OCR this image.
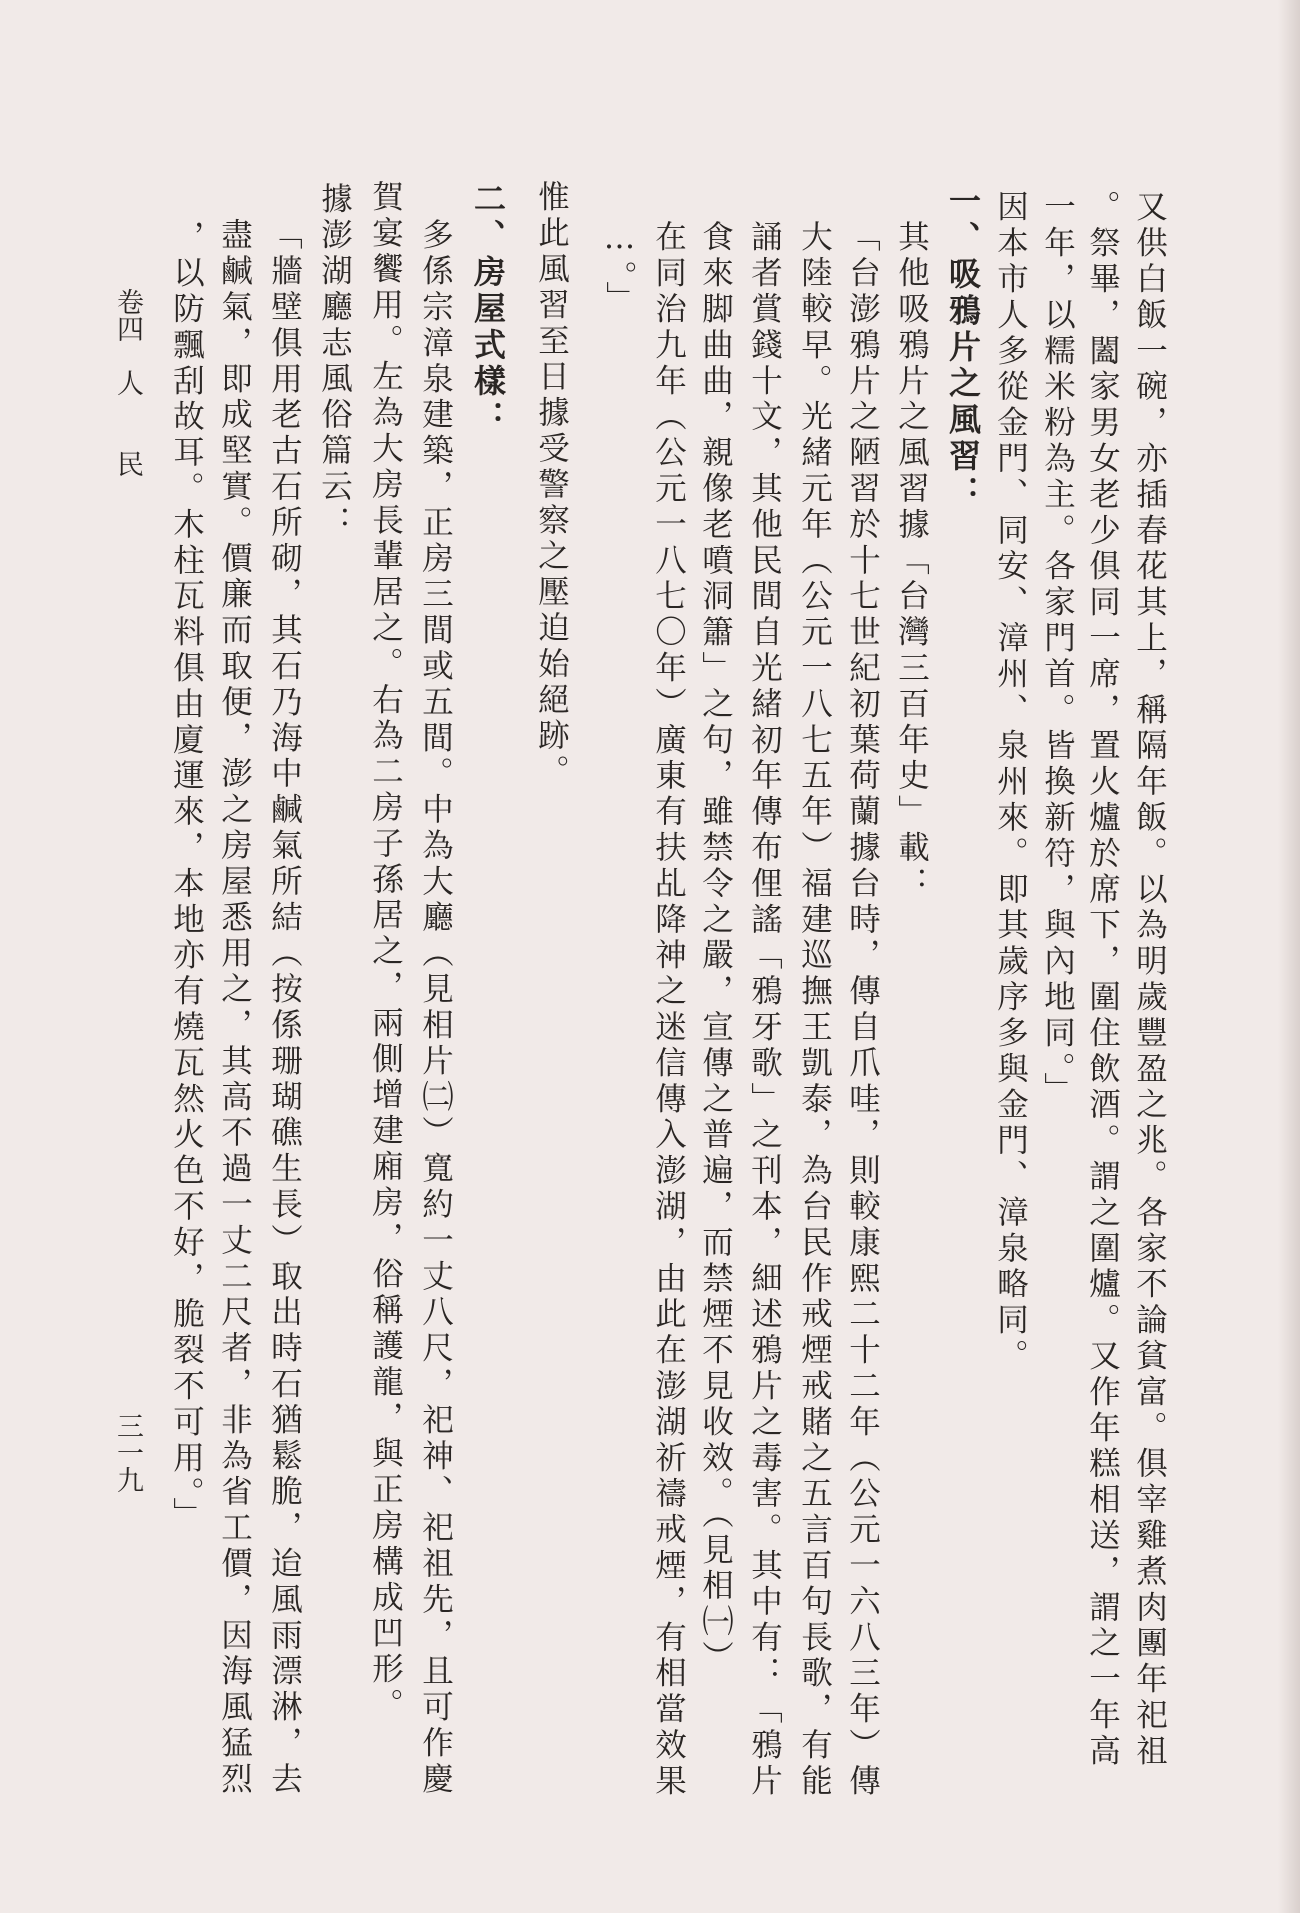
又供白飯一碗，亦插春花其上，稱隔年飯。以為明歲豐盈之兆。各家不論貧富。俱宰雞煮肉團年祀祖
。祭畢，闔家男女老少俱同一席，置火爐於席下，圍住飲酒。謂之圍爐。又作年糕相送，謂之一年高
一年，以糯米粉為主。各家門首。皆換新符，與內地同。」
因本市人多從金門、同安、漳州、泉州來。即其歲序多與金門、漳泉略同。
一、吸鴉片之風習：
其他吸鴉片之風習據「台灣三百年史」載：
「台澎鴉片之陋習於十七世紀初葉荷蘭據台時，傳自爪哇，則較康熙二十二年（公元一六八三年）傳
大陸較早。光緒元年（公元一八七五年）福建巡撫王凱泰，為台民作戒煙戒賭之五言百句長歌，有能
誦者賞錢十文，其他民間自光緒初年傳布俚謠「鴉牙歌」之刊本，細述鴉片之毒害。其中有：「鴉片
食來脚曲曲，親像老噴洞簫」之句，雖禁令之嚴，宣傳之普遍，而禁煙不見收效。（見相㈠）
在同治九年（公元一八七〇年）廣東有扶乩降神之迷信傳入澎湖，由此在澎湖祈禱戒煙，有相當效果
…。」
惟此風習至日據受警察之壓迫始絕跡。
二、房屋式樣：
多係宗漳泉建築，正房三間或五間。中為大廳（見相片㈡）寬約一丈八尺，祀神、祀祖先，且可作慶
賀宴饗用。左為大房長輩居之。右為二房子孫居之，兩側增建廂房，俗稱護龍，與正房構成凹形。
據澎湖廳志風俗篇云：
「牆壁俱用老古石所砌，其石乃海中鹹氣所結（按係珊瑚礁生長）取出時石猶鬆脆，迨風雨漂淋，去
盡鹹氣，即成堅實。價廉而取便，澎之房屋悉用之，其高不過一丈二尺者，非為省工價，因海風猛烈
，以防飄刮故耳。木柱瓦料俱由廈運來，本地亦有燒瓦然火色不好，脆裂不可用。」
卷四　人　　民
三一九
